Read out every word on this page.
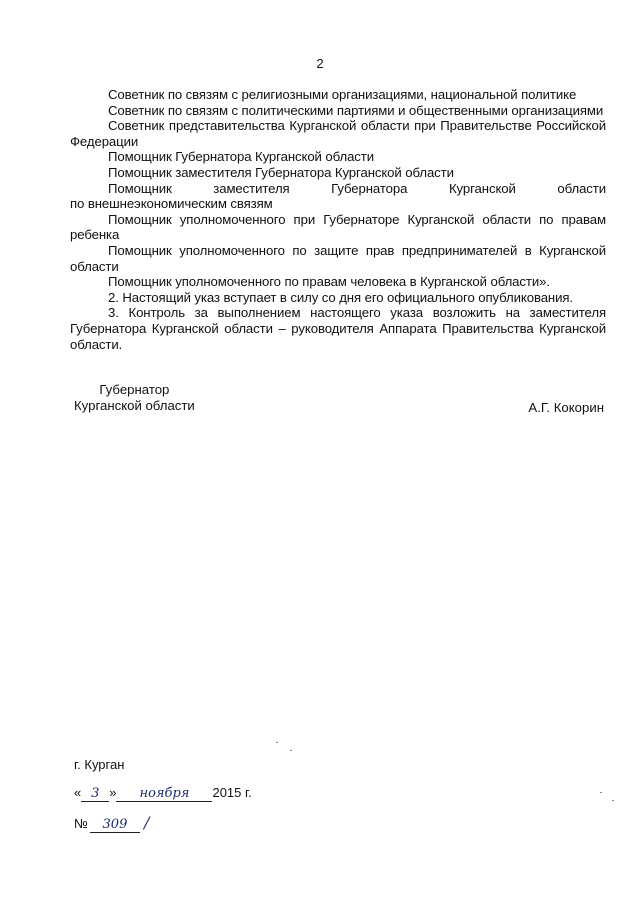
2
Советник по связям с религиозными организациями, национальной политике
Советник по связям с политическими партиями и общественными организациями
Советник представительства Курганской области при Правительстве Российской
Федерации
Помощник Губернатора Курганской области
Помощник заместителя Губернатора Курганской области
Помощник заместителя Губернатора Курганской области
по внешнеэкономическим связям
Помощник уполномоченного при Губернаторе Курганской области по правам
ребенка
Помощник уполномоченного по защите прав предпринимателей в Курганской
области
Помощник уполномоченного по правам человека в Курганской области».
2. Настоящий указ вступает в силу со дня его официального опубликования.
3. Контроль за выполнением настоящего указа возложить на заместителя
Губернатора Курганской области – руководителя Аппарата Правительства Курганской
области.
Губернатор
Курганской области	А.Г. Кокорин
г. Курган
« 3 »	ноября	2015 г.
№	309	/
